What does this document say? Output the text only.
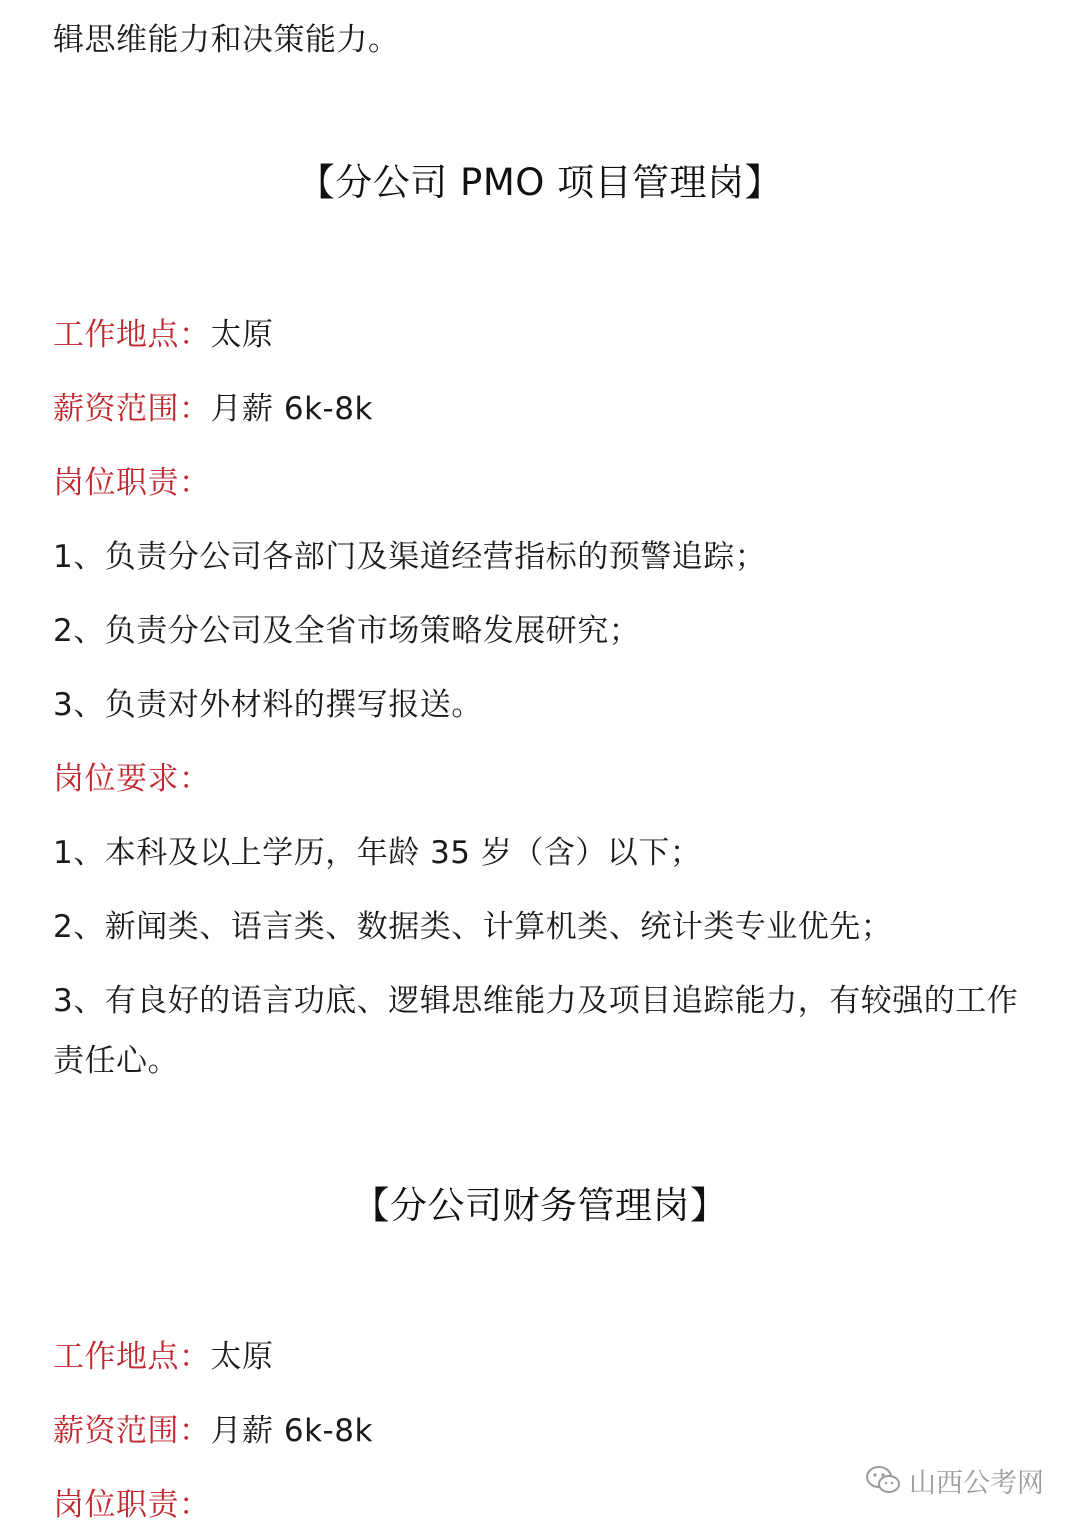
辑思维能力和决策能力。
【分公司 PMO 项目管理岗】
工作地点：太原
薪资范围：月薪 6k-8k
岗位职责：
1、负责分公司各部门及渠道经营指标的预警追踪；
2、负责分公司及全省市场策略发展研究；
3、负责对外材料的撰写报送。
岗位要求：
1、本科及以上学历，年龄 35 岁（含）以下；
2、新闻类、语言类、数据类、计算机类、统计类专业优先；
3、有良好的语言功底、逻辑思维能力及项目追踪能力，有较强的工作责任心。
【分公司财务管理岗】
工作地点：太原
薪资范围：月薪 6k-8k
岗位职责：
山西公考网
